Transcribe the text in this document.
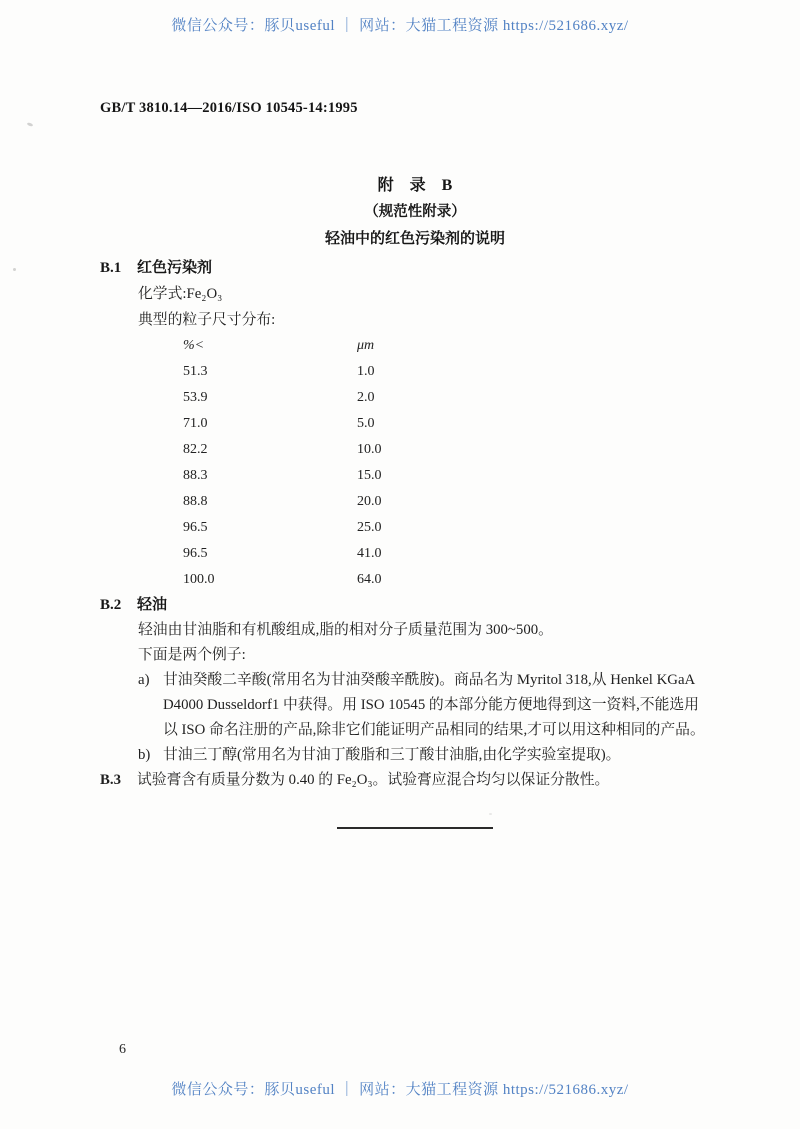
微信公众号：豚贝useful ｜ 网站：大猫工程资源 https://521686.xyz/
GB/T 3810.14—2016/ISO 10545-14:1995
附　录　B
（规范性附录）
轻油中的红色污染剂的说明
B.1 红色污染剂
化学式:Fe₂O₃
典型的粒子尺寸分布:
%<	μm
51.3	1.0
53.9	2.0
71.0	5.0
82.2	10.0
88.3	15.0
88.8	20.0
96.5	25.0
96.5	41.0
100.0	64.0
B.2 轻油
轻油由甘油脂和有机酸组成,脂的相对分子质量范围为 300~500。
下面是两个例子:
a) 甘油癸酸二辛酸(常用名为甘油癸酸辛酰胺)。商品名为 Myritol 318,从 Henkel KGaA D4000 Dusseldorf1 中获得。用 ISO 10545 的本部分能方便地得到这一资料,不能选用以 ISO 命名注册的产品,除非它们能证明产品相同的结果,才可以用这种相同的产品。
b) 甘油三丁醇(常用名为甘油丁酸脂和三丁酸甘油脂,由化学实验室提取)。
B.3 试验膏含有质量分数为 0.40 的 Fe₂O₃。试验膏应混合均匀以保证分散性。
6
微信公众号：豚贝useful ｜ 网站：大猫工程资源 https://521686.xyz/
